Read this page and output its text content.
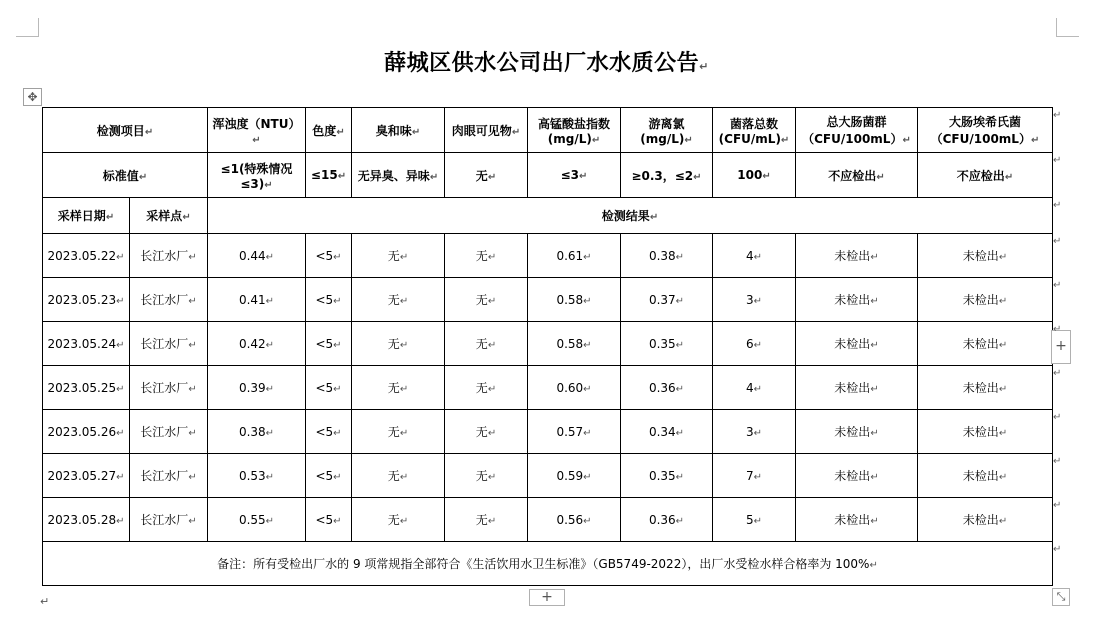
薛城区供水公司出厂水水质公告↵
✥
检测项目↵		浑浊度（NTU）↵	色度↵	臭和味↵	肉眼可见物↵	高锰酸盐指数(mg/L)↵	游离氯(mg/L)↵	菌落总数(CFU/mL)↵	总大肠菌群（CFU/100mL）↵	大肠埃希氏菌（CFU/100mL）↵
标准值↵		≤1(特殊情况≤3)↵	≤15↵	无异臭、异味↵	无↵	≤3↵	≥0.3，≤2↵	100↵	不应检出↵	不应检出↵
采样日期↵	采样点↵	检测结果↵								
2023.05.22↵	长江水厂↵	0.44↵	<5↵	无↵	无↵	0.61↵	0.38↵	4↵	未检出↵	未检出↵
2023.05.23↵	长江水厂↵	0.41↵	<5↵	无↵	无↵	0.58↵	0.37↵	3↵	未检出↵	未检出↵
2023.05.24↵	长江水厂↵	0.42↵	<5↵	无↵	无↵	0.58↵	0.35↵	6↵	未检出↵	未检出↵
2023.05.25↵	长江水厂↵	0.39↵	<5↵	无↵	无↵	0.60↵	0.36↵	4↵	未检出↵	未检出↵
2023.05.26↵	长江水厂↵	0.38↵	<5↵	无↵	无↵	0.57↵	0.34↵	3↵	未检出↵	未检出↵
2023.05.27↵	长江水厂↵	0.53↵	<5↵	无↵	无↵	0.59↵	0.35↵	7↵	未检出↵	未检出↵
2023.05.28↵	长江水厂↵	0.55↵	<5↵	无↵	无↵	0.56↵	0.36↵	5↵	未检出↵	未检出↵
备注：所有受检出厂水的 9 项常规指全部符合《生活饮用水卫生标准》（GB5749-2022），出厂水受检水样合格率为 100%↵										
+
+	⤡
↵
↵
↵
↵
↵
↵
↵
↵
↵
↵
↵
↵
